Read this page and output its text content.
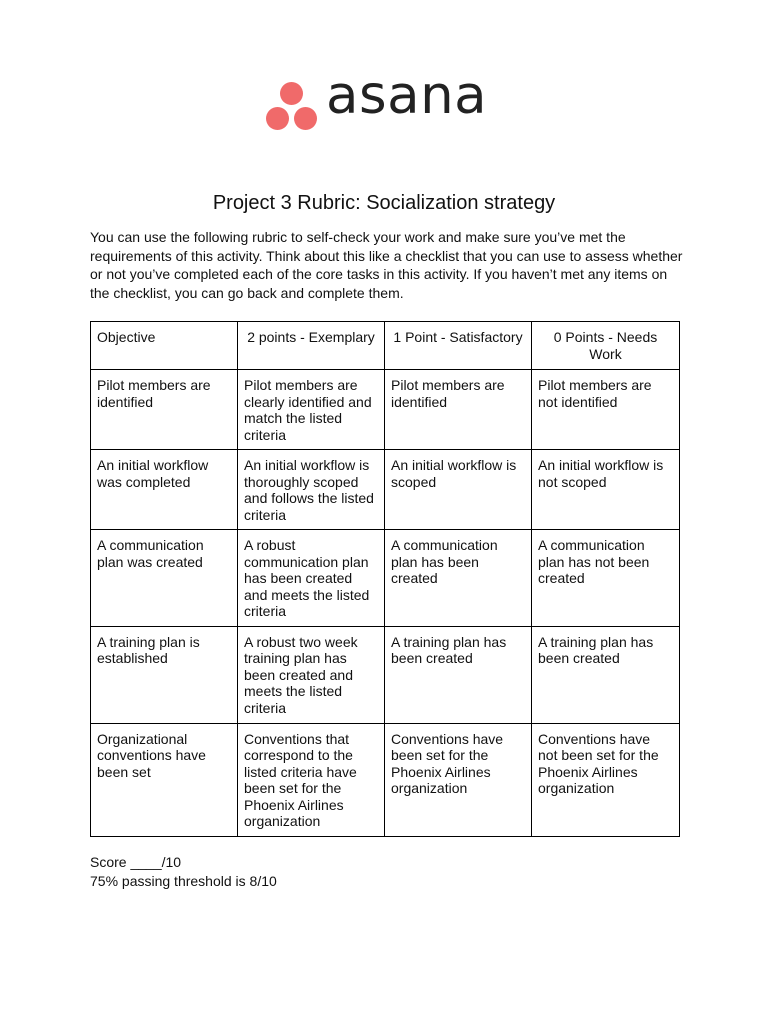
asana
Project 3 Rubric: Socialization strategy
You can use the following rubric to self-check your work and make sure you’ve met the requirements of this activity. Think about this like a checklist that you can use to assess whether or not you’ve completed each of the core tasks in this activity. If you haven’t met any items on the checklist, you can go back and complete them.
Objective	2 points - Exemplary	1 Point - Satisfactory	0 Points - Needs Work
Pilot members are identified	Pilot members are clearly identified and match the listed criteria	Pilot members are identified	Pilot members are not identified
An initial workflow was completed	An initial workflow is thoroughly scoped and follows the listed criteria	An initial workflow is scoped	An initial workflow is not scoped
A communication plan was created	A robust communication plan has been created and meets the listed criteria	A communication plan has been created	A communication plan has not been created
A training plan is established	A robust two week training plan has been created and meets the listed criteria	A training plan has been created	A training plan has been created
Organizational conventions have been set	Conventions that correspond to the listed criteria have been set for the Phoenix Airlines organization	Conventions have been set for the Phoenix Airlines organization	Conventions have not been set for the Phoenix Airlines organization
Score ____/10
75% passing threshold is 8/10
